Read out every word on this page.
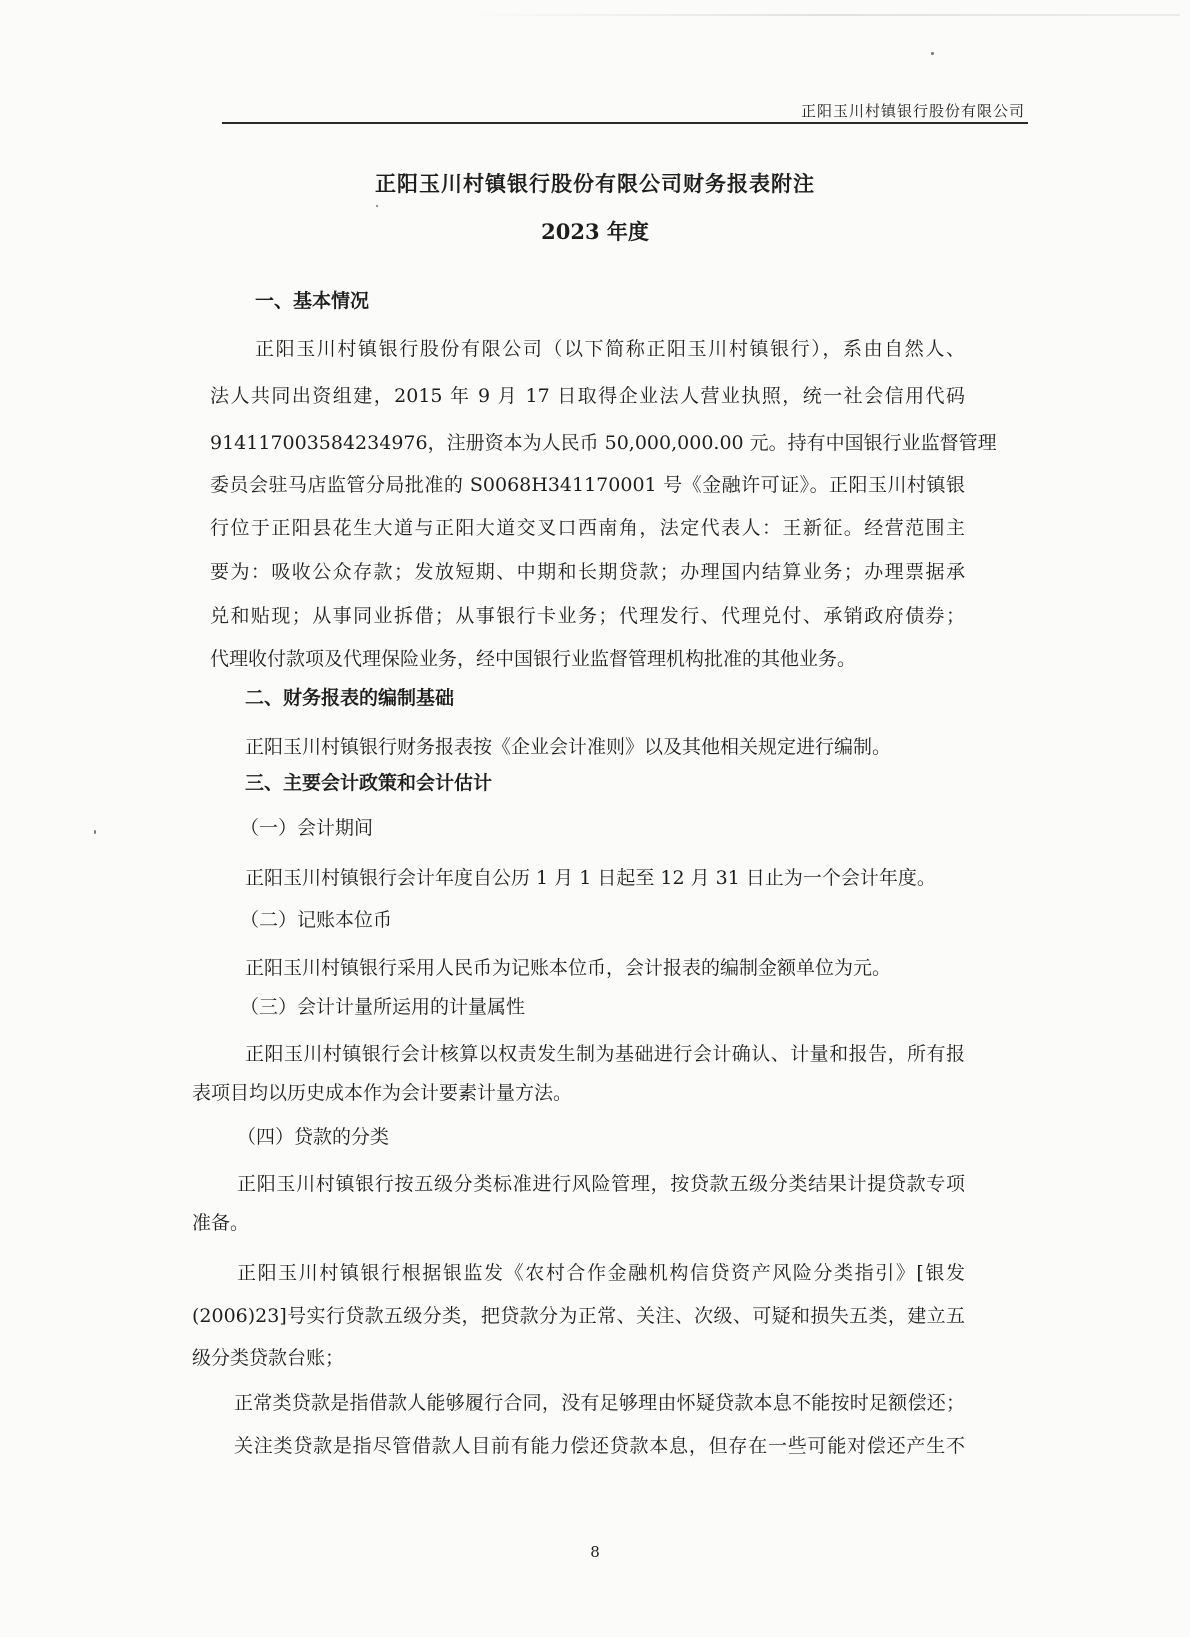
正阳玉川村镇银行股份有限公司
正阳玉川村镇银行股份有限公司财务报表附注
2023 年度
一、基本情况
正阳玉川村镇银行股份有限公司（以下简称正阳玉川村镇银行），系由自然人、
法人共同出资组建，2015 年 9 月 17 日取得企业法人营业执照，统一社会信用代码
914117003584234976，注册资本为人民币 50,000,000.00 元。持有中国银行业监督管理
委员会驻马店监管分局批准的 S0068H341170001 号《金融许可证》。正阳玉川村镇银
行位于正阳县花生大道与正阳大道交叉口西南角，法定代表人：王新征。经营范围主
要为：吸收公众存款；发放短期、中期和长期贷款；办理国内结算业务；办理票据承
兑和贴现；从事同业拆借；从事银行卡业务；代理发行、代理兑付、承销政府债券；
代理收付款项及代理保险业务，经中国银行业监督管理机构批准的其他业务。
二、财务报表的编制基础
正阳玉川村镇银行财务报表按《企业会计准则》以及其他相关规定进行编制。
三、主要会计政策和会计估计
（一）会计期间
正阳玉川村镇银行会计年度自公历 1 月 1 日起至 12 月 31 日止为一个会计年度。
（二）记账本位币
正阳玉川村镇银行采用人民币为记账本位币，会计报表的编制金额单位为元。
（三）会计计量所运用的计量属性
正阳玉川村镇银行会计核算以权责发生制为基础进行会计确认、计量和报告，所有报
表项目均以历史成本作为会计要素计量方法。
（四）贷款的分类
正阳玉川村镇银行按五级分类标准进行风险管理，按贷款五级分类结果计提贷款专项
准备。
正阳玉川村镇银行根据银监发《农村合作金融机构信贷资产风险分类指引》[银发
(2006)23]号实行贷款五级分类，把贷款分为正常、关注、次级、可疑和损失五类，建立五
级分类贷款台账；
正常类贷款是指借款人能够履行合同，没有足够理由怀疑贷款本息不能按时足额偿还；
关注类贷款是指尽管借款人目前有能力偿还贷款本息，但存在一些可能对偿还产生不
8
